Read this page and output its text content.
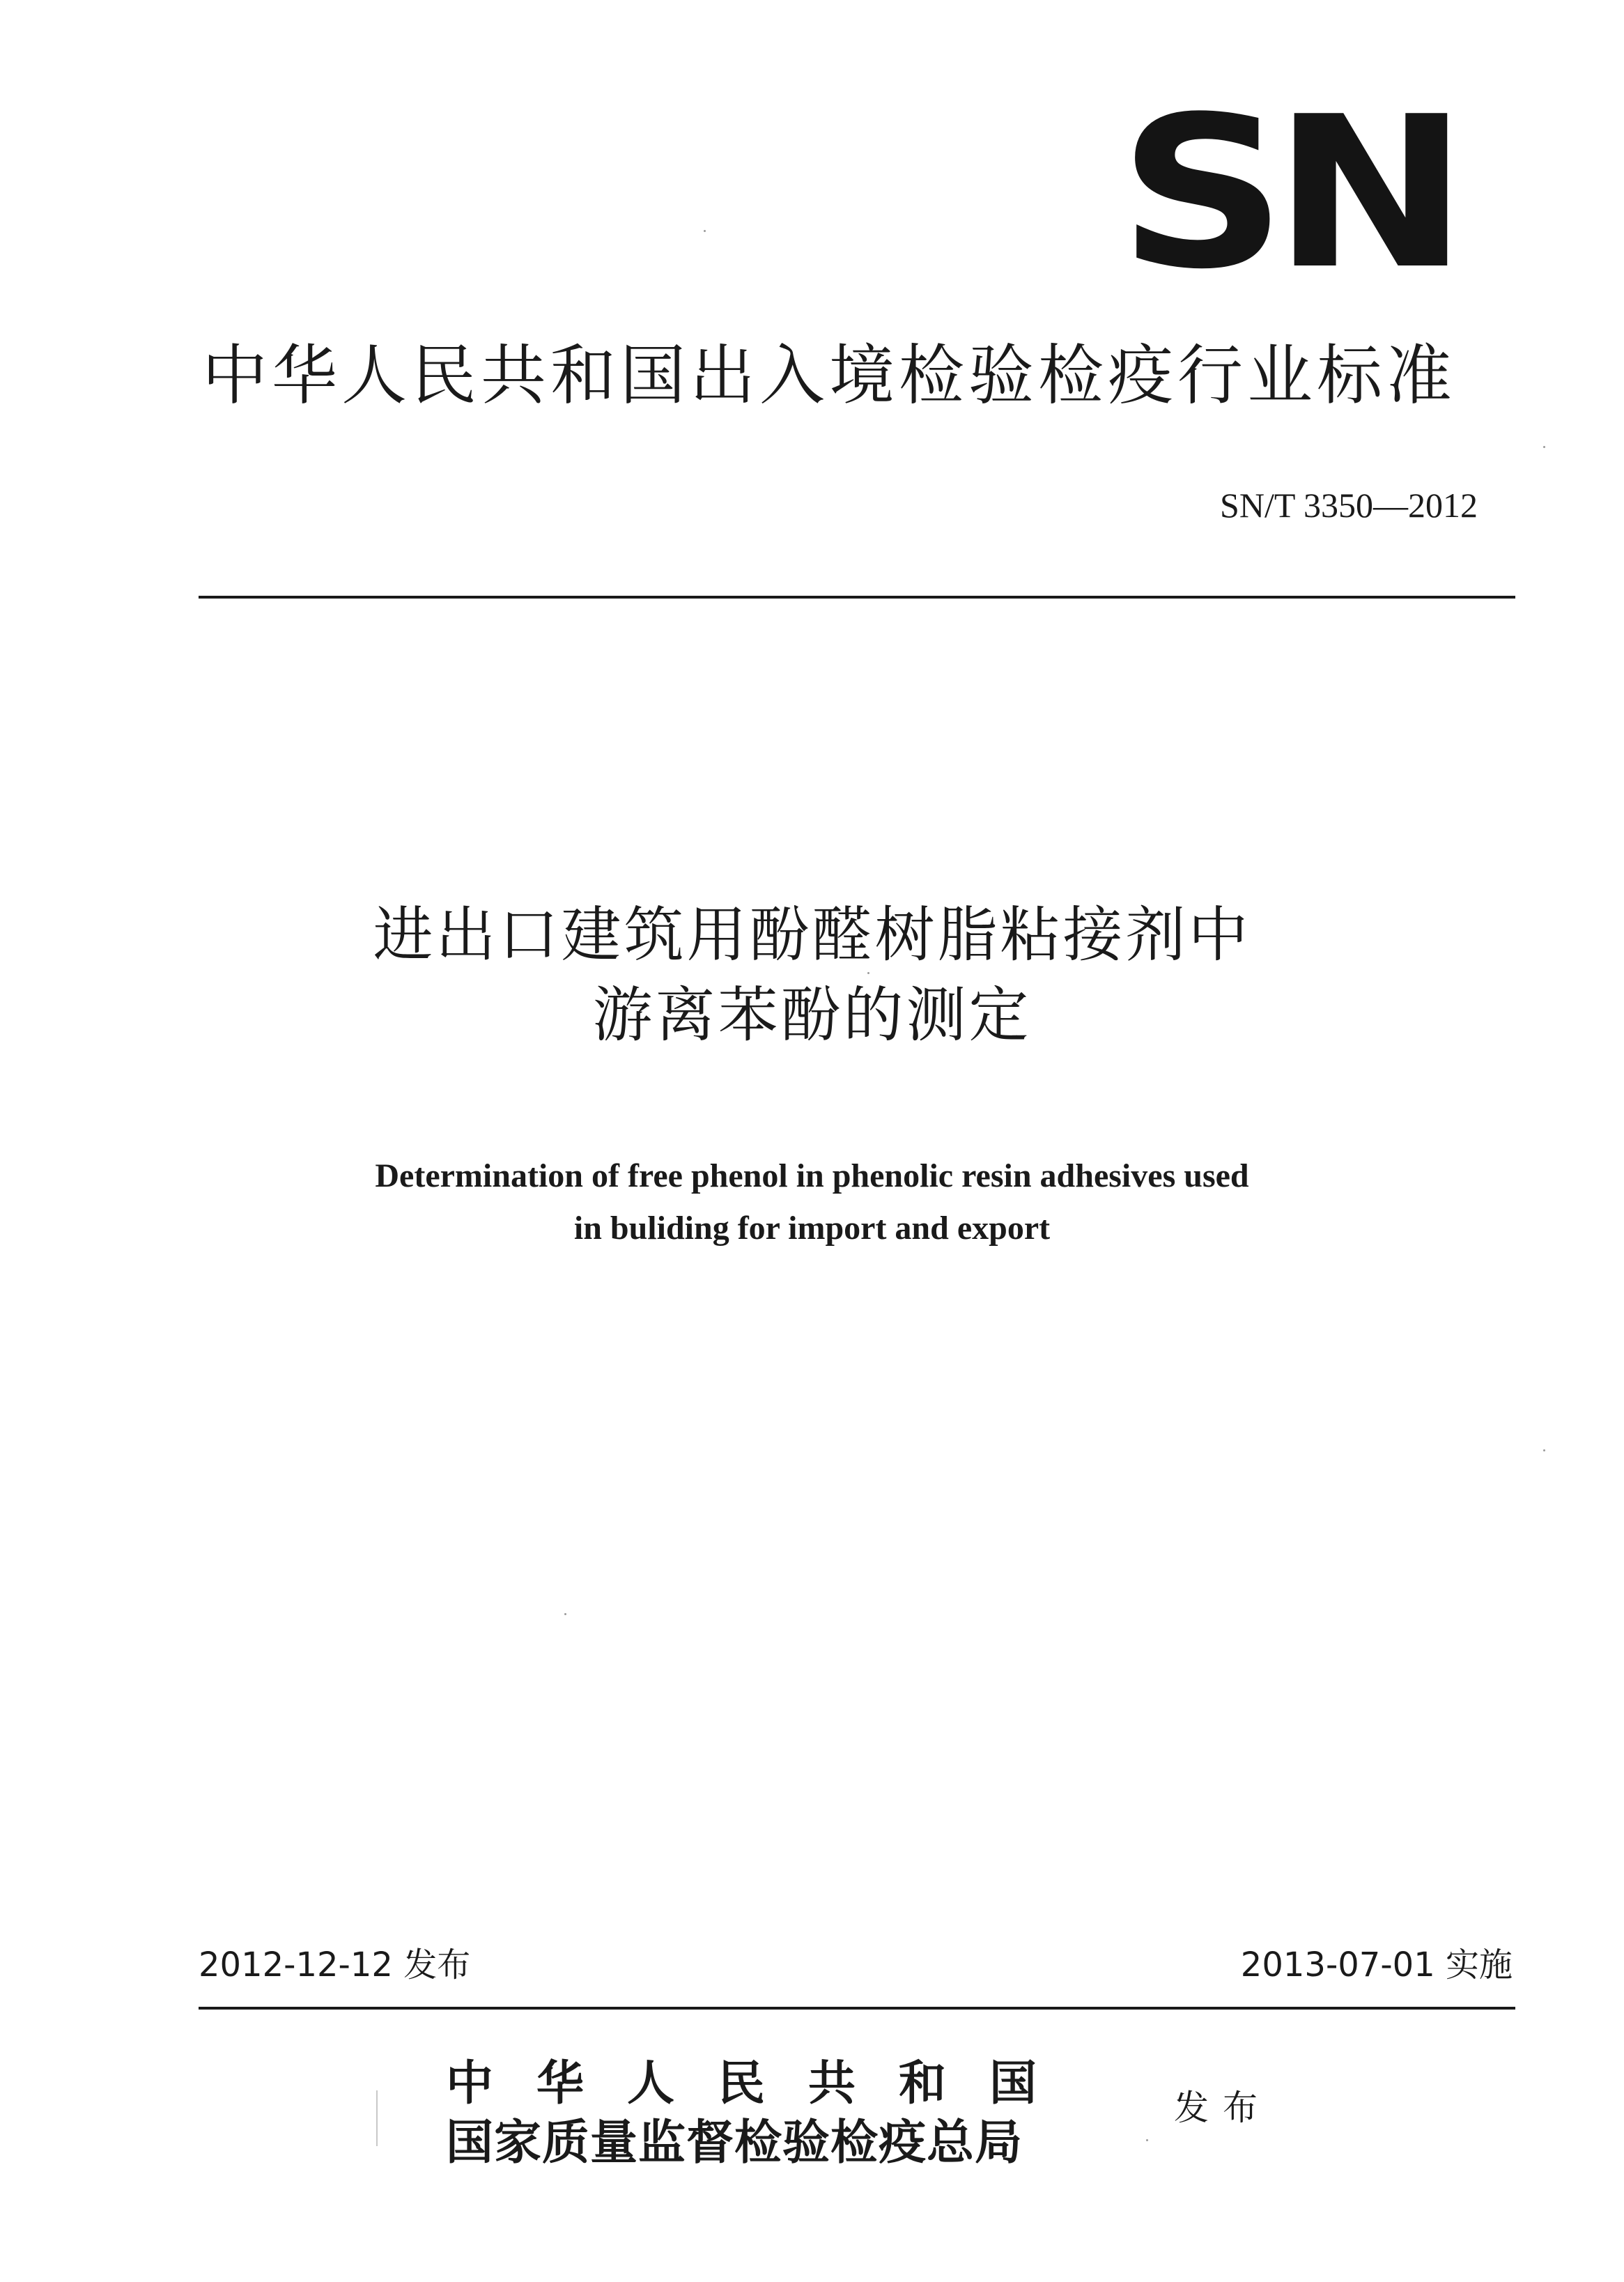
SN
中华人民共和国出入境检验检疫行业标准
SN/T 3350—2012
进出口建筑用酚醛树脂粘接剂中
游离苯酚的测定
Determination of free phenol in phenolic resin adhesives used
in buliding for import and export
2012-12-12 发布	2013-07-01 实施
中华人民共和国
国家质量监督检验检疫总局
发布
